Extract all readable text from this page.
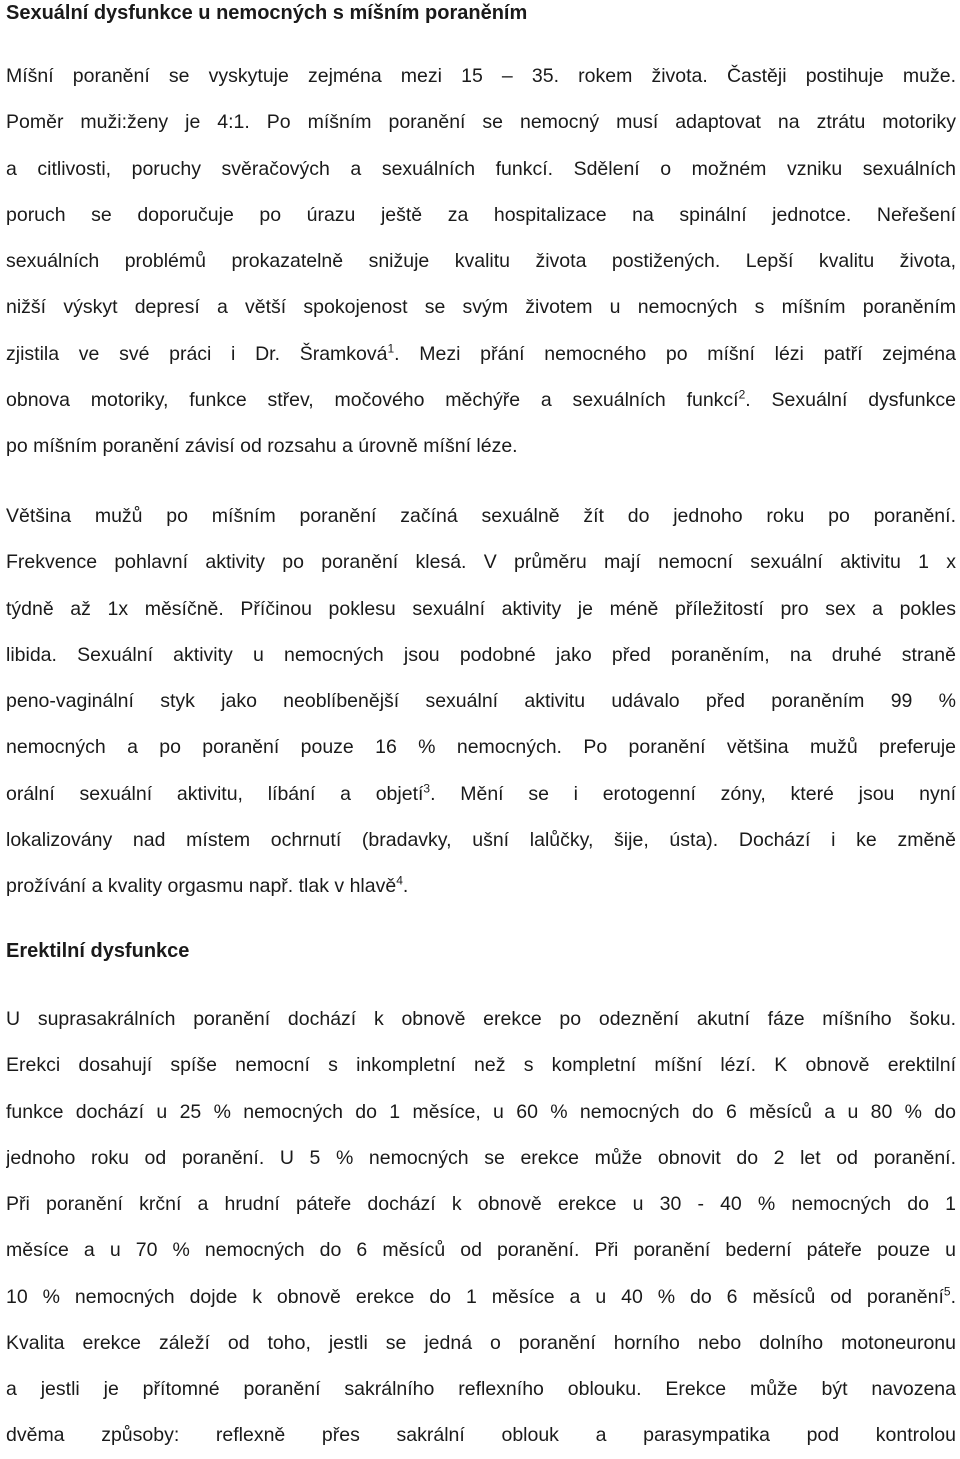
Sexuální dysfunkce u nemocných s míšním poraněním
Míšní poranění se vyskytuje zejména mezi 15 – 35. rokem života. Častěji postihuje muže.
Poměr muži:ženy je 4:1. Po míšním poranění se nemocný musí adaptovat na ztrátu motoriky
a citlivosti, poruchy svěračových a sexuálních funkcí. Sdělení o možném vzniku sexuálních
poruch se doporučuje po úrazu ještě za hospitalizace na spinální jednotce. Neřešení
sexuálních problémů prokazatelně snižuje kvalitu života postižených. Lepší kvalitu života,
nižší výskyt depresí a větší spokojenost se svým životem u nemocných s míšním poraněním
zjistila ve své práci i Dr. Šramková$^1$. Mezi přání nemocného po míšní lézi patří zejména
obnova motoriky, funkce střev, močového měchýře a sexuálních funkcí$^2$. Sexuální dysfunkce
po míšním poranění závisí od rozsahu a úrovně míšní léze.
Většina mužů po míšním poranění začíná sexuálně žít do jednoho roku po poranění.
Frekvence pohlavní aktivity po poranění klesá. V průměru mají nemocní sexuální aktivitu 1 x
týdně až 1x měsíčně. Příčinou poklesu sexuální aktivity je méně příležitostí pro sex a pokles
libida. Sexuální aktivity u nemocných jsou podobné jako před poraněním, na druhé straně
peno-vaginální styk jako neoblíbenější sexuální aktivitu udávalo před poraněním 99 %
nemocných a po poranění pouze 16 % nemocných. Po poranění většina mužů preferuje
orální sexuální aktivitu, líbání a objetí$^3$. Mění se i erotogenní zóny, které jsou nyní
lokalizovány nad místem ochrnutí (bradavky, ušní lalůčky, šije, ústa). Dochází i ke změně
prožívání a kvality orgasmu např. tlak v hlavě$^4$.
Erektilní dysfunkce
U suprasakrálních poranění dochází k obnově erekce po odeznění akutní fáze míšního šoku.
Erekci dosahují spíše nemocní s inkompletní než s kompletní míšní lézí. K obnově erektilní
funkce dochází u 25 % nemocných do 1 měsíce, u 60 % nemocných do 6 měsíců a u 80 % do
jednoho roku od poranění. U 5 % nemocných se erekce může obnovit do 2 let od poranění.
Při poranění krční a hrudní páteře dochází k obnově erekce u 30 - 40 % nemocných do 1
měsíce a u 70 % nemocných do 6 měsíců od poranění. Při poranění bederní páteře pouze u
10 % nemocných dojde k obnově erekce do 1 měsíce a u 40 % do 6 měsíců od poranění$^5$.
Kvalita erekce záleží od toho, jestli se jedná o poranění horního nebo dolního motoneuronu
a jestli je přítomné poranění sakrálního reflexního oblouku. Erekce může být navozena
dvěma způsoby: reflexně přes sakrální oblouk a parasympatika pod kontrolou
